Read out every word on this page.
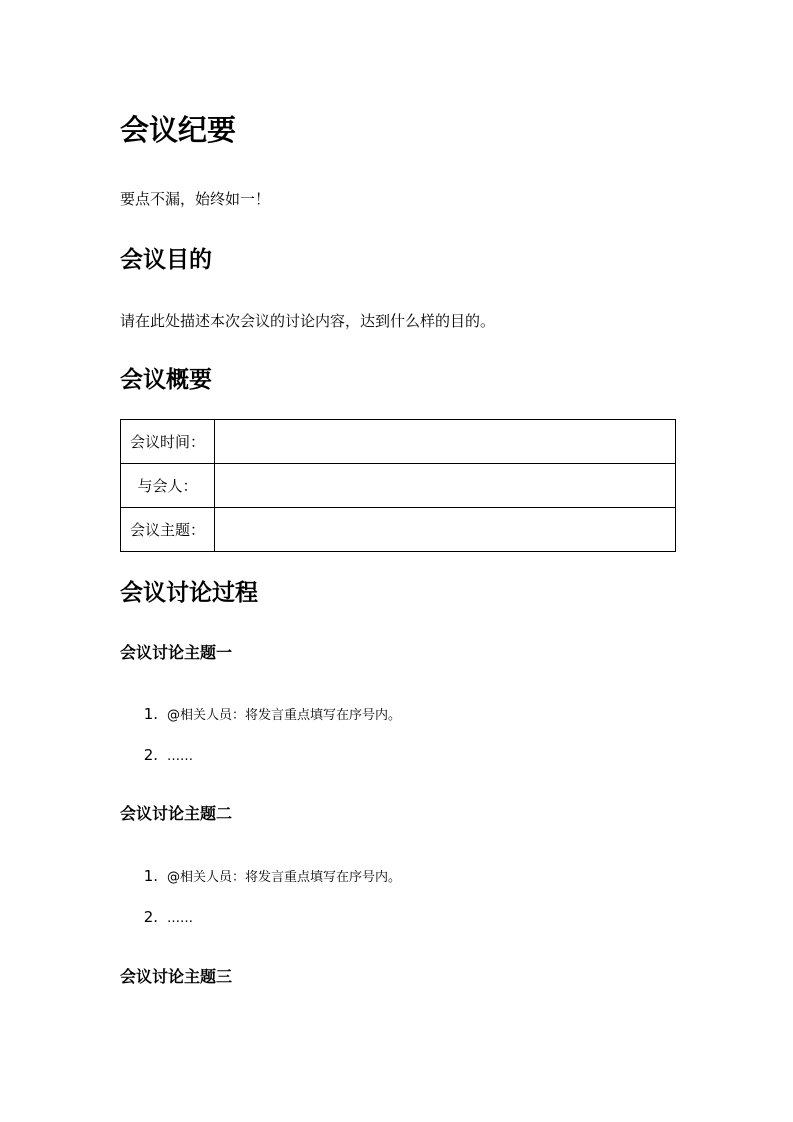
会议纪要

要点不漏，始终如一！

会议目的

请在此处描述本次会议的讨论内容，达到什么样的目的。

会议概要
会议时间：	
与会人：	
会议主题：	
会议讨论过程
会议讨论主题一
1. @相关人员：将发言重点填写在序号内。
2. ……
会议讨论主题二
1. @相关人员：将发言重点填写在序号内。
2. ……
会议讨论主题三
